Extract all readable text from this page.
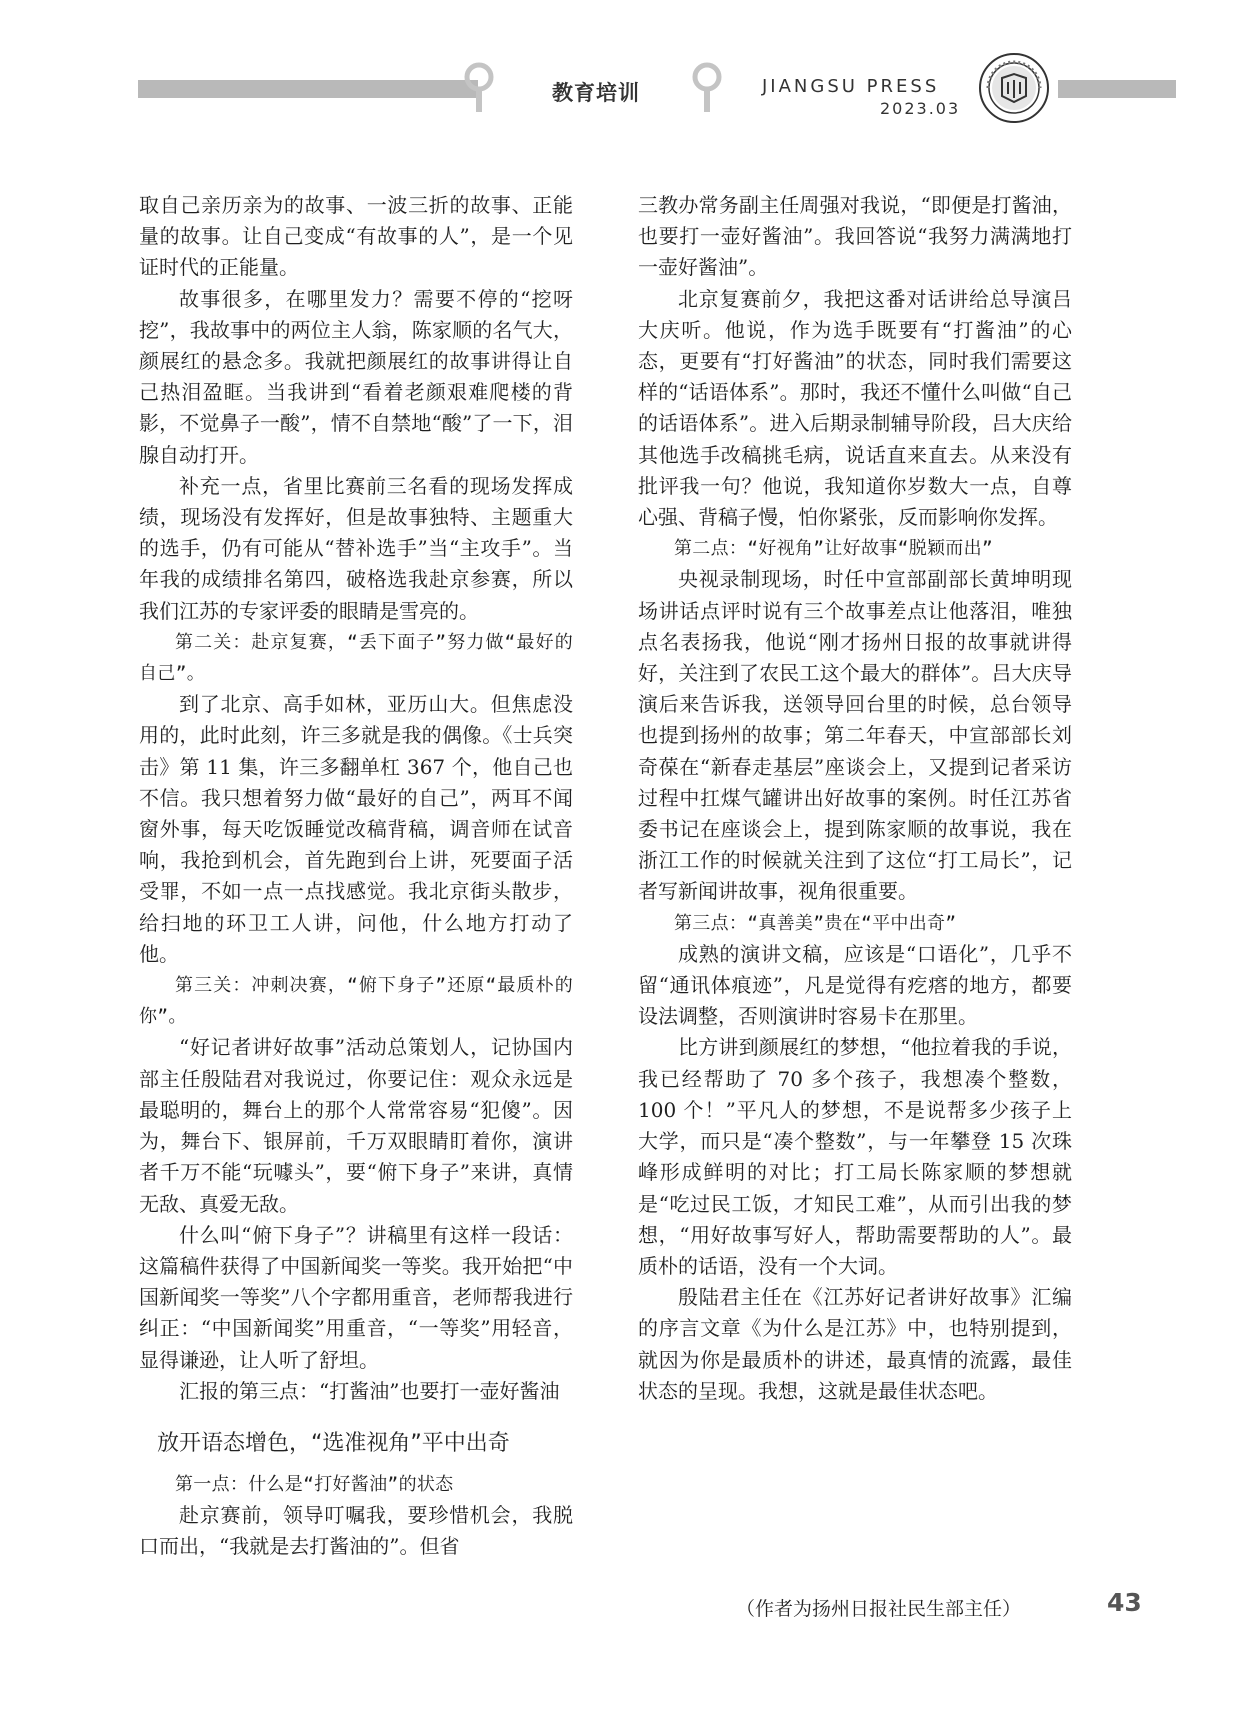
教育培训	JIANGSU PRESS
2023.03

取自己亲历亲为的故事、一波三折的故事、正能量的故事。让自己变成“有故事的人”，是一个见证时代的正能量。

故事很多，在哪里发力？需要不停的“挖呀挖”，我故事中的两位主人翁，陈家顺的名气大，颜展红的悬念多。我就把颜展红的故事讲得让自己热泪盈眶。当我讲到“看着老颜艰难爬楼的背影，不觉鼻子一酸”，情不自禁地“酸”了一下，泪腺自动打开。

补充一点，省里比赛前三名看的现场发挥成绩，现场没有发挥好，但是故事独特、主题重大的选手，仍有可能从“替补选手”当“主攻手”。当年我的成绩排名第四，破格选我赴京参赛，所以我们江苏的专家评委的眼睛是雪亮的。

第二关：赴京复赛，“丢下面子”努力做“最好的自己”。

到了北京、高手如林，亚历山大。但焦虑没用的，此时此刻，许三多就是我的偶像。《士兵突击》第 11 集，许三多翻单杠 367 个，他自己也不信。我只想着努力做“最好的自己”，两耳不闻窗外事，每天吃饭睡觉改稿背稿，调音师在试音响，我抢到机会，首先跑到台上讲，死要面子活受罪，不如一点一点找感觉。我北京街头散步，给扫地的环卫工人讲，问他，什么地方打动了他。

第三关：冲刺决赛，“俯下身子”还原“最质朴的你”。

“好记者讲好故事”活动总策划人，记协国内部主任殷陆君对我说过，你要记住：观众永远是最聪明的，舞台上的那个人常常容易“犯傻”。因为，舞台下、银屏前，千万双眼睛盯着你，演讲者千万不能“玩噱头”，要“俯下身子”来讲，真情无敌、真爱无敌。

什么叫“俯下身子”？讲稿里有这样一段话：这篇稿件获得了中国新闻奖一等奖。我开始把“中国新闻奖一等奖”八个字都用重音，老师帮我进行纠正：“中国新闻奖”用重音，“一等奖”用轻音，显得谦逊，让人听了舒坦。

汇报的第三点：“打酱油”也要打一壶好酱油

放开语态增色，“选准视角”平中出奇

第一点：什么是“打好酱油”的状态

赴京赛前，领导叮嘱我，要珍惜机会，我脱口而出，“我就是去打酱油的”。但省

三教办常务副主任周强对我说，“即便是打酱油，也要打一壶好酱油”。我回答说“我努力满满地打一壶好酱油”。

北京复赛前夕，我把这番对话讲给总导演吕大庆听。他说，作为选手既要有“打酱油”的心态，更要有“打好酱油”的状态，同时我们需要这样的“话语体系”。那时，我还不懂什么叫做“自己的话语体系”。进入后期录制辅导阶段，吕大庆给其他选手改稿挑毛病，说话直来直去。从来没有批评我一句？他说，我知道你岁数大一点，自尊心强、背稿子慢，怕你紧张，反而影响你发挥。

第二点：“好视角”让好故事“脱颖而出”

央视录制现场，时任中宣部副部长黄坤明现场讲话点评时说有三个故事差点让他落泪，唯独点名表扬我，他说“刚才扬州日报的故事就讲得好，关注到了农民工这个最大的群体”。吕大庆导演后来告诉我，送领导回台里的时候，总台领导也提到扬州的故事；第二年春天，中宣部部长刘奇葆在“新春走基层”座谈会上，又提到记者采访过程中扛煤气罐讲出好故事的案例。时任江苏省委书记在座谈会上，提到陈家顺的故事说，我在浙江工作的时候就关注到了这位“打工局长”，记者写新闻讲故事，视角很重要。

第三点：“真善美”贵在“平中出奇”

成熟的演讲文稿，应该是“口语化”，几乎不留“通讯体痕迹”，凡是觉得有疙瘩的地方，都要设法调整，否则演讲时容易卡在那里。

比方讲到颜展红的梦想，“他拉着我的手说，我已经帮助了 70 多个孩子，我想凑个整数，100 个！”平凡人的梦想，不是说帮多少孩子上大学，而只是“凑个整数”，与一年攀登 15 次珠峰形成鲜明的对比；打工局长陈家顺的梦想就是“吃过民工饭，才知民工难”，从而引出我的梦想，“用好故事写好人，帮助需要帮助的人”。最质朴的话语，没有一个大词。

殷陆君主任在《江苏好记者讲好故事》汇编的序言文章《为什么是江苏》中，也特别提到，就因为你是最质朴的讲述，最真情的流露，最佳状态的呈现。我想，这就是最佳状态吧。

（作者为扬州日报社民生部主任）	43
